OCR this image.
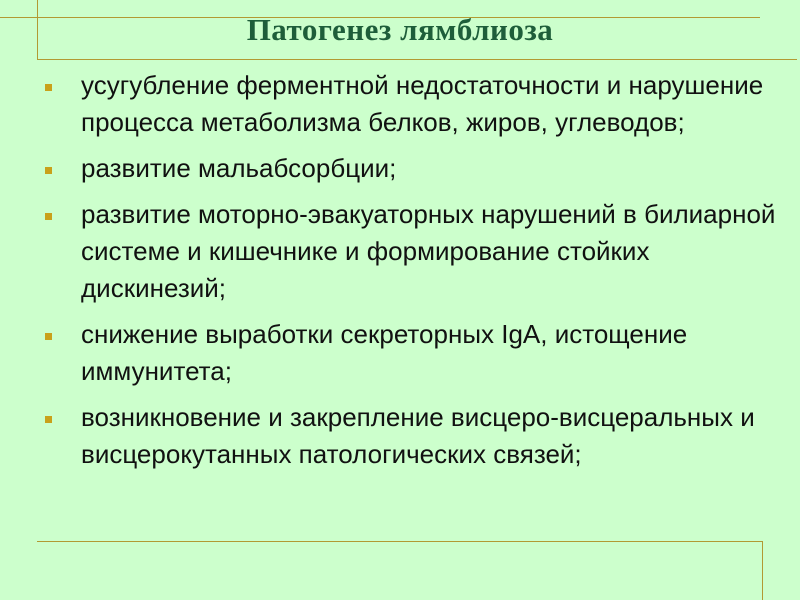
Патогенез лямблиоза
усугубление ферментной недостаточности и нарушение процесса метаболизма белков, жиров, углеводов;
развитие мальабсорбции;
развитие моторно-эвакуаторных нарушений в билиарной системе и кишечнике и формирование стойких дискинезий;
снижение выработки секреторных IgA, истощение иммунитета;
возникновение и закрепление висцеро-висцеральных и висцерокутанных патологических связей;
